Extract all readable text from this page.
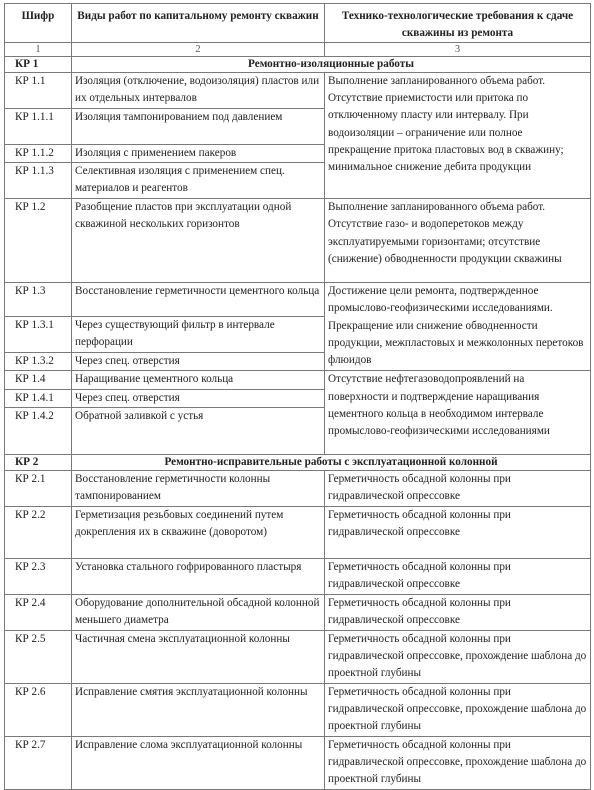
Шифр	Виды работ по капитальному ремонту скважин	Технико-технологические требования к сдаче скважины из ремонта
1	2	3
КР 1	Ремонтно-изоляционные работы	
КР 1.1	Изоляция (отключение, водоизоляция) пластов или их отдельных интервалов	Выполнение запланированного объема работ. Отсутствие приемистости или притока по отключенному пласту или интервалу. При водоизоляции – ограничение или полное прекращение притока пластовых вод в скважину; минимальное снижение дебита продукции
КР 1.1.1	Изоляция тампонированием под давлением	
КР 1.1.2	Изоляция с применением пакеров	
КР 1.1.3	Селективная изоляция с применением спец. материалов и реагентов	
КР 1.2	Разобщение пластов при эксплуатации одной скважиной нескольких горизонтов	Выполнение запланированного объема работ. Отсутствие газо- и водоперетоков между эксплуатируемыми горизонтами; отсутствие (снижение) обводненности продукции скважины
КР 1.3	Восстановление герметичности цементного кольца	Достижение цели ремонта, подтвержденное промыслово-геофизическими исследованиями. Прекращение или снижение обводненности продукции, межпластовых и межколонных перетоков флюидов
КР 1.3.1	Через существующий фильтр в интервале перфорации	
КР 1.3.2	Через спец. отверстия	
КР 1.4	Наращивание цементного кольца	Отсутствие нефтегазоводопроявлений на поверхности и подтверждение наращивания цементного кольца в необходимом интервале промыслово-геофизическими исследованиями
КР 1.4.1	Через спец. отверстия	
КР 1.4.2	Обратной заливкой с устья	
КР 2	Ремонтно-исправительные работы с эксплуатационной колонной	
КР 2.1	Восстановление герметичности колонны тампонированием	Герметичность обсадной колонны при гидравлической опрессовке
КР 2.2	Герметизация резьбовых соединений путем докрепления их в скважине (доворотом)	Герметичность обсадной колонны при гидравлической опрессовке
КР 2.3	Установка стального гофрированного пластыря	Герметичность обсадной колонны при гидравлической опрессовке
КР 2.4	Оборудование дополнительной обсадной колонной меньшего диаметра	Герметичность обсадной колонны при гидравлической опрессовке
КР 2.5	Частичная смена эксплуатационной колонны	Герметичность обсадной колонны при гидравлической опрессовке, прохождение шаблона до проектной глубины
КР 2.6	Исправление смятия эксплуатационной колонны	Герметичность обсадной колонны при гидравлической опрессовке, прохождение шаблона до проектной глубины
КР 2.7	Исправление слома эксплуатационной колонны	Герметичность обсадной колонны при гидравлической опрессовке, прохождение шаблона до проектной глубины
